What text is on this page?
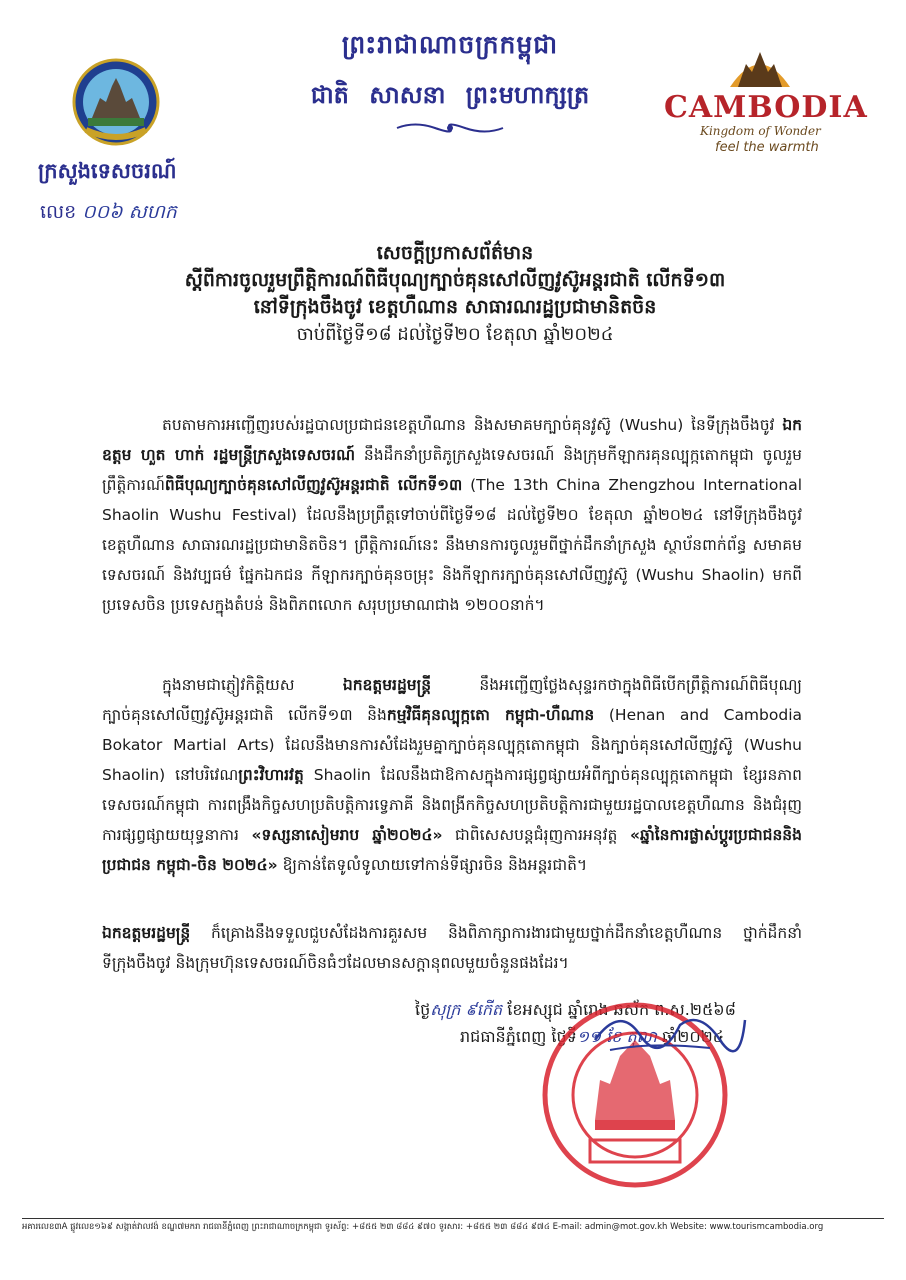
ព្រះរាជាណាចក្រកម្ពុជា
ជាតិ សាសនា ព្រះមហាក្សត្រ	CAMBODIA
Kingdom of Wonder
feel the warmth
ក្រសួងទេសចរណ៍
លេខ ០០៦ សហក
សេចក្តីប្រកាសព័ត៌មាន
ស្តីពីការចូលរួមព្រឹត្តិការណ៍ពិធីបុណ្យក្បាច់គុនសៅលីញវូស៊ូអន្តរជាតិ លើកទី១៣
នៅទីក្រុងចឹងចូវ ខេត្តហឺណាន សាធារណរដ្ឋប្រជាមានិតចិន
ចាប់ពីថ្ងៃទី១៨ ដល់ថ្ងៃទី២០ ខែតុលា ឆ្នាំ២០២៤
តបតាមការអញ្ជើញរបស់រដ្ឋបាលប្រជាជនខេត្តហឺណាន និងសមាគមក្បាច់គុនវូស៊ូ (Wushu) នៃទីក្រុងចឹងចូវ ឯកឧត្តម ហួត ហាក់ រដ្ឋមន្រ្តីក្រសួងទេសចរណ៍ នឹងដឹកនាំប្រតិភូក្រសួងទេសចរណ៍ និងក្រុមកីឡាករគុនល្បុក្កតោកម្ពុជា ចូលរួមព្រឹត្តិការណ៍ពិធីបុណ្យក្បាច់គុនសៅលីញវូស៊ូអន្តរជាតិ លើកទី១៣ (The 13th China Zhengzhou International Shaolin Wushu Festival) ដែលនឹងប្រព្រឹត្តទៅចាប់ពីថ្ងៃទី១៨ ដល់ថ្ងៃទី២០ ខែតុលា ឆ្នាំ២០២៤ នៅទីក្រុងចឹងចូវ ខេត្តហឺណាន សាធារណរដ្ឋប្រជាមានិតចិន។ ព្រឹត្តិការណ៍នេះ នឹងមានការចូលរួមពីថ្នាក់ដឹកនាំក្រសួង ស្ថាប័នពាក់ព័ន្ធ សមាគមទេសចរណ៍ និងវប្បធម៌ ផ្នែកឯកជន កីឡាករក្បាច់គុនចម្រុះ និងកីឡាករក្បាច់គុនសៅលីញវូស៊ូ (Wushu Shaolin) មកពីប្រទេសចិន ប្រទេសក្នុងតំបន់ និងពិភពលោក សរុបប្រមាណជាង ១២០០នាក់។
ក្នុងនាមជាភ្ញៀវកិត្តិយស ឯកឧត្តមរដ្ឋមន្រ្តី នឹងអញ្ជើញថ្លែងសុន្ទរកថាក្នុងពិធីបើកព្រឹត្តិការណ៍ពិធីបុណ្យក្បាច់គុនសៅលីញវូស៊ូអន្តរជាតិ លើកទី១៣ និងកម្មវិធីគុនល្បុក្កតោ កម្ពុជា-ហឺណាន (Henan and Cambodia Bokator Martial Arts) ដែលនឹងមានការសំដែងរួមគ្នាក្បាច់គុនល្បុក្កតោកម្ពុជា និងក្បាច់គុនសៅលីញវូស៊ូ (Wushu Shaolin) នៅបរិវេណព្រះវិហារវត្ត Shaolin ដែលនឹងជាឱកាសក្នុងការផ្សព្វផ្សាយអំពីក្បាច់គុនល្បុក្កតោកម្ពុជា ខ្សែរនភាពទេសចរណ៍កម្ពុជា ការពង្រឹងកិច្ចសហប្រតិបត្តិការទ្វេភាគី និងពង្រីកកិច្ចសហប្រតិបត្តិការជាមួយរដ្ឋបាលខេត្តហឺណាន និងជំរុញការផ្សព្វផ្សាយយុទ្ធនាការ «ទស្សនាសៀមរាប ឆ្នាំ២០២៤» ជាពិសេសបន្តជំរុញការអនុវត្ត «ឆ្នាំនៃការផ្លាស់ប្តូរប្រជាជននិងប្រជាជន កម្ពុជា-ចិន ២០២៤» ឱ្យកាន់តែទូលំទូលាយទៅកាន់ទីផ្សារចិន និងអន្តរជាតិ។
ឯកឧត្តមរដ្ឋមន្រ្តី ក៏គ្រោងនឹងទទួលជួបសំដែងការគួរសម និងពិភាក្សាការងារជាមួយថ្នាក់ដឹកនាំខេត្តហឺណាន ថ្នាក់ដឹកនាំទីក្រុងចឹងចូវ និងក្រុមហ៊ុនទេសចរណ៍ចិនធំៗដែលមានសក្តានុពលមួយចំនួនផងដែរ។
ថ្ងៃសុក្រ ៩កើត ខែអស្សុជ ឆ្នាំរោង ឆស័ក ព.ស.២៥៦៨
រាជធានីភ្នំពេញ ថ្ងៃទី១១ ខែ តុលា ឆ្នាំ២០២៤
អគារលេខ៣A ផ្លូវលេខ១៦៩ សង្កាត់វាលវង់ ខណ្ឌ៧មករា រាជធានីភ្នំពេញ ព្រះរាជាណាចក្រកម្ពុជា ទូរស័ព្ទ: +៨៥៥ ២៣ ៨៨៤ ៩៧០ ទូរសារ: +៨៥៥ ២៣ ៨៨៤ ៩៧៤ E-mail: admin@mot.gov.kh Website: www.tourismcambodia.org
